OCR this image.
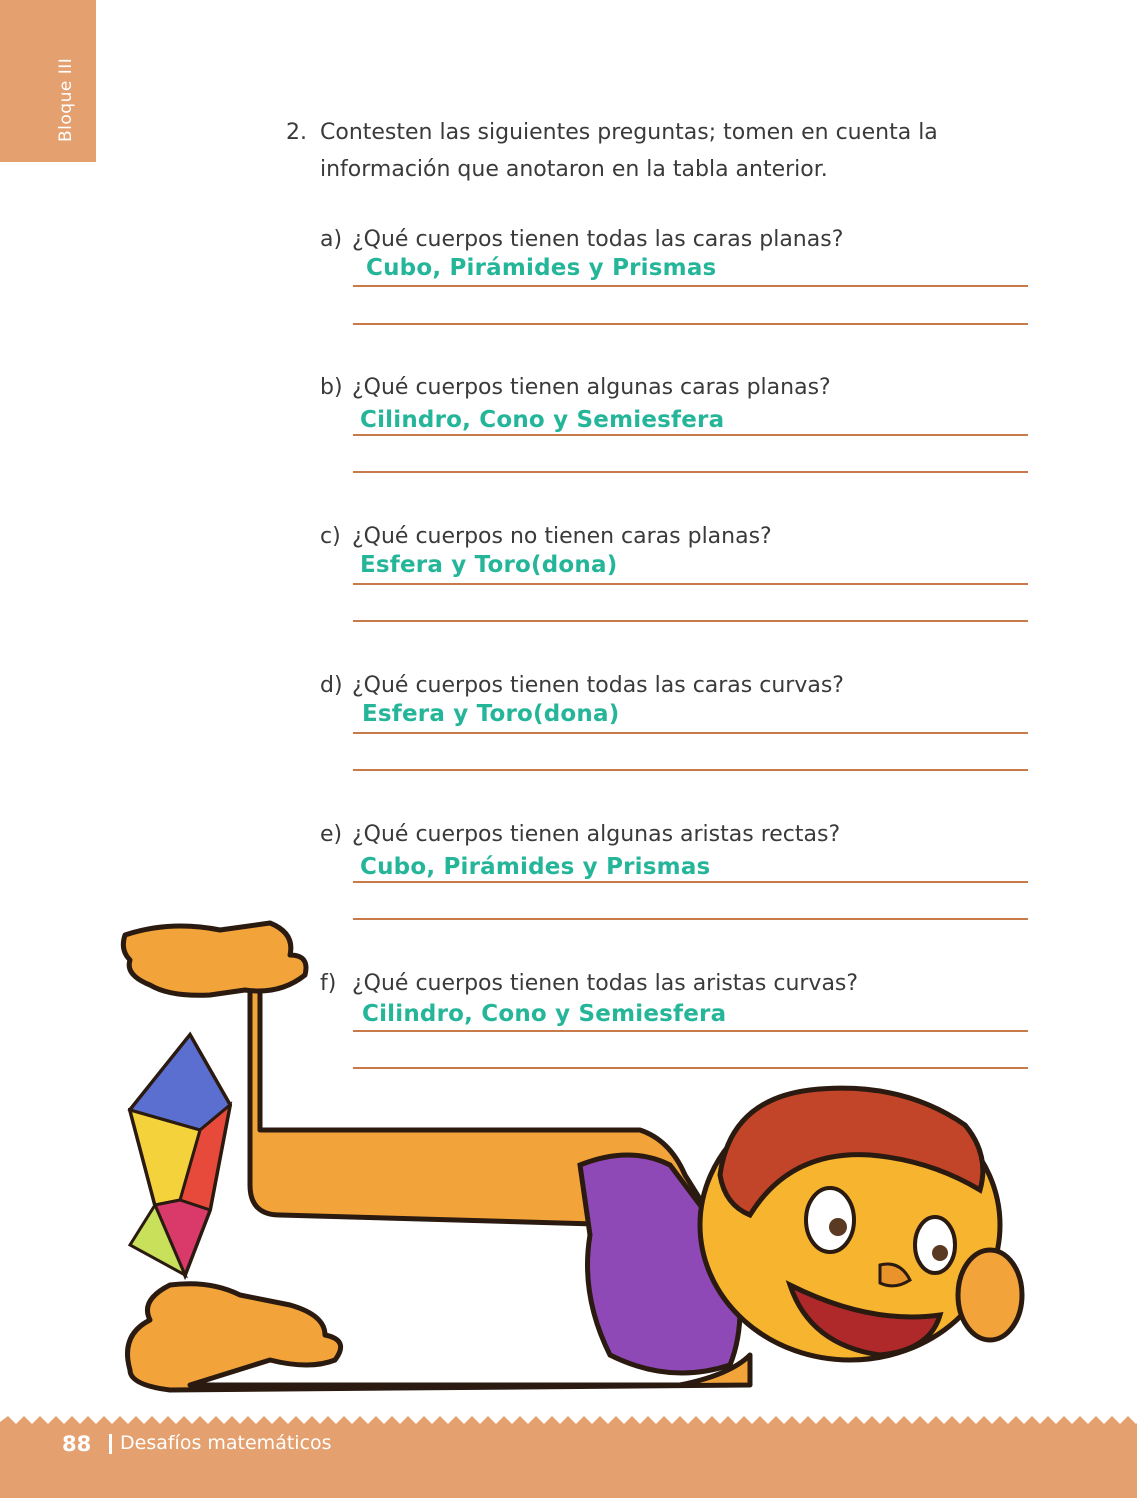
Bloque III	2. Contesten las siguientes preguntas; tomen en cuenta la información que anotaron en la tabla anterior.
a) ¿Qué cuerpos tienen todas las caras planas?
Cubo, Pirámides y Prismas
b) ¿Qué cuerpos tienen algunas caras planas?
Cilindro, Cono y Semiesfera
c) ¿Qué cuerpos no tienen caras planas?
Esfera y Toro(dona)
d) ¿Qué cuerpos tienen todas las caras curvas?
Esfera y Toro(dona)
e) ¿Qué cuerpos tienen algunas aristas rectas?
Cubo, Pirámides y Prismas
f) ¿Qué cuerpos tienen todas las aristas curvas?
Cilindro, Cono y Semiesfera
88 Desafíos matemáticos
